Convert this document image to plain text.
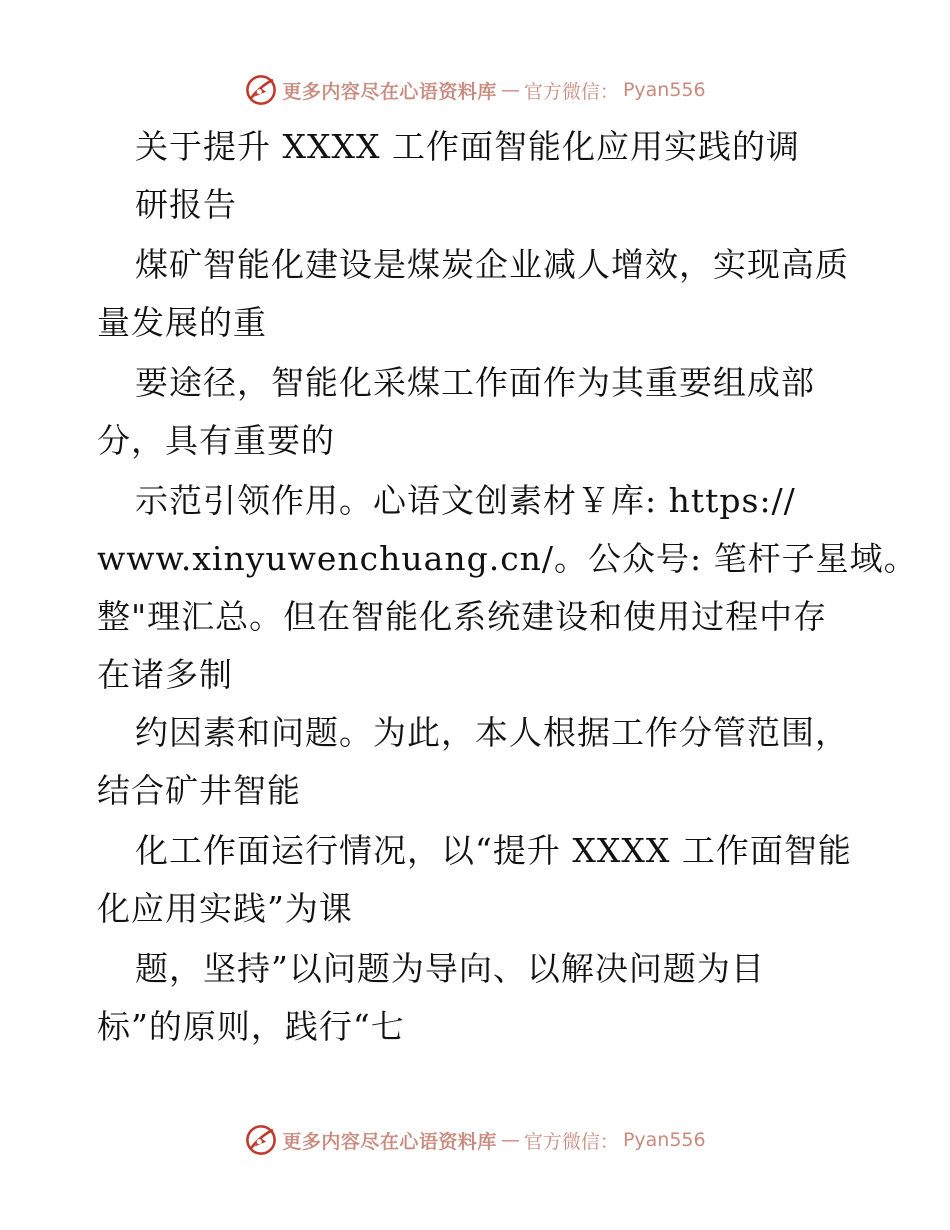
更多内容尽在心语资料库 — 官方微信： Pyan556
关于提升 XXXX 工作面智能化应用实践的调
研报告
煤矿智能化建设是煤炭企业减人增效，实现高质
量发展的重
要途径，智能化采煤工作面作为其重要组成部
分，具有重要的
示范引领作用。心语文创素材￥库: https://
www.xinyuwenchuang.cn/。公众号: 笔杆子星域。
整"理汇总。但在智能化系统建设和使用过程中存
在诸多制
约因素和问题。为此，本人根据工作分管范围，
结合矿井智能
化工作面运行情况，以“提升 XXXX 工作面智能
化应用实践”为课
题，坚持”以问题为导向、以解决问题为目
标”的原则，践行“七
更多内容尽在心语资料库 — 官方微信： Pyan556
